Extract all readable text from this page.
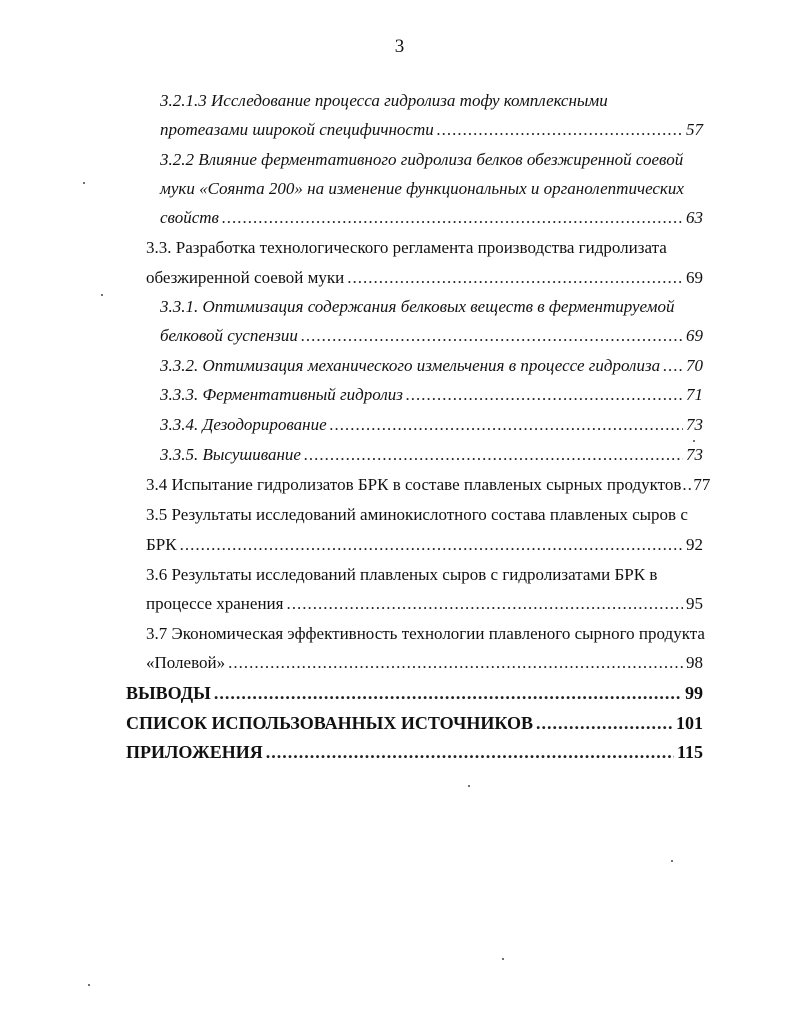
3
3.2.1.3 Исследование процесса гидролиза тофу комплексными
протеазами широкой специфичности .....	57
3.2.2 Влияние ферментативного гидролиза белков обезжиренной соевой
муки «Соянта 200» на изменение функциональных и органолептических
свойств .....	63
3.3. Разработка технологического регламента производства гидролизата
обезжиренной соевой муки .....	69
3.3.1. Оптимизация содержания белковых веществ в ферментируемой
белковой суспензии .....	69
3.3.2. Оптимизация механического измельчения в процессе гидролиза ..... 70
3.3.3. Ферментативный гидролиз .....	71
3.3.4. Дезодорирование .....	73
3.3.5. Высушивание .....	73
3.4 Испытание гидролизатов БРК в составе плавленых сырных продуктов ..... 77
3.5 Результаты исследований аминокислотного состава плавленых сыров с
БРК .....	92
3.6 Результаты исследований плавленых сыров с гидролизатами БРК в
процессе хранения .....	95
3.7 Экономическая эффективность технологии плавленого сырного продукта
«Полевой» .....	98
ВЫВОДЫ .....	99
СПИСОК ИСПОЛЬЗОВАННЫХ ИСТОЧНИКОВ .....	101
ПРИЛОЖЕНИЯ .....	115
